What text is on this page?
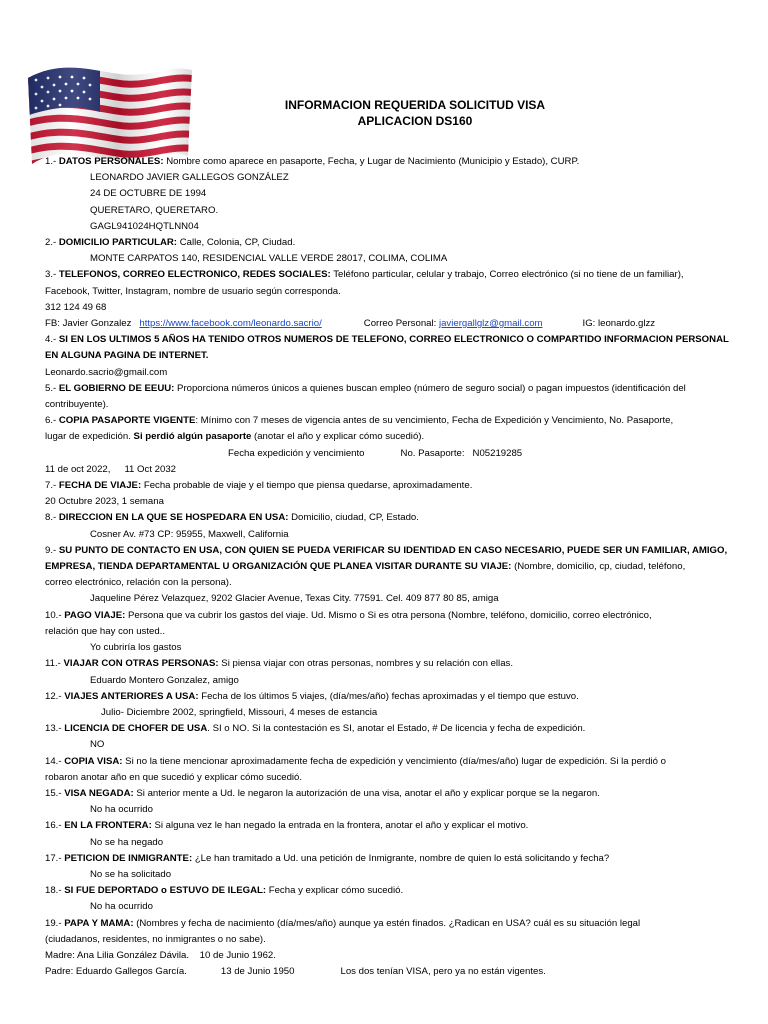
INFORMACION REQUERIDA SOLICITUD VISA
APLICACION DS160
1.- DATOS PERSONALES: Nombre como aparece en pasaporte, Fecha, y Lugar de Nacimiento (Municipio y Estado), CURP.
LEONARDO JAVIER GALLEGOS GONZÁLEZ
24 DE OCTUBRE DE 1994
QUERETARO, QUERETARO.
GAGL941024HQTLNN04
2.- DOMICILIO PARTICULAR: Calle, Colonia, CP, Ciudad.
MONTE CARPATOS 140, RESIDENCIAL VALLE VERDE 28017, COLIMA, COLIMA
3.- TELEFONOS, CORREO ELECTRONICO, REDES SOCIALES: Teléfono particular, celular y trabajo, Correo electrónico (si no tiene de un familiar),
Facebook, Twitter, Instagram, nombre de usuario según corresponda.
312 124 49 68
FB: Javier Gonzalez https://www.facebook.com/leonardo.sacrio/	Correo Personal: javiergallglz@gmail.com	IG: leonardo.glzz
4.- SI EN LOS ULTIMOS 5 AÑOS HA TENIDO OTROS NUMEROS DE TELEFONO, CORREO ELECTRONICO O COMPARTIDO INFORMACION PERSONAL
EN ALGUNA PAGINA DE INTERNET.
Leonardo.sacrio@gmail.com
5.- EL GOBIERNO DE EEUU: Proporciona números únicos a quienes buscan empleo (número de seguro social) o pagan impuestos (identificación del
contribuyente).
6.- COPIA PASAPORTE VIGENTE: Mínimo con 7 meses de vigencia antes de su vencimiento, Fecha de Expedición y Vencimiento, No. Pasaporte,
lugar de expedición. Si perdió algún pasaporte (anotar el año y explicar cómo sucedió).
Fecha expedición y vencimiento	No. Pasaporte: N05219285
11 de oct 2022, 11 Oct 2032
7.- FECHA DE VIAJE: Fecha probable de viaje y el tiempo que piensa quedarse, aproximadamente.
20 Octubre 2023, 1 semana
8.- DIRECCION EN LA QUE SE HOSPEDARA EN USA: Domicilio, ciudad, CP, Estado.
Cosner Av. #73 CP: 95955, Maxwell, California
9.- SU PUNTO DE CONTACTO EN USA, CON QUIEN SE PUEDA VERIFICAR SU IDENTIDAD EN CASO NECESARIO, PUEDE SER UN FAMILIAR, AMIGO,
EMPRESA, TIENDA DEPARTAMENTAL U ORGANIZACIÓN QUE PLANEA VISITAR DURANTE SU VIAJE: (Nombre, domicilio, cp, ciudad, teléfono,
correo electrónico, relación con la persona).
Jaqueline Pérez Velazquez, 9202 Glacier Avenue, Texas City. 77591. Cel. 409 877 80 85, amiga
10.- PAGO VIAJE: Persona que va cubrir los gastos del viaje. Ud. Mismo o Si es otra persona (Nombre, teléfono, domicilio, correo electrónico,
relación que hay con usted..
Yo cubriría los gastos
11.- VIAJAR CON OTRAS PERSONAS: Si piensa viajar con otras personas, nombres y su relación con ellas.
Eduardo Montero Gonzalez, amigo
12.- VIAJES ANTERIORES A USA: Fecha de los últimos 5 viajes, (día/mes/año) fechas aproximadas y el tiempo que estuvo.
Julio- Diciembre 2002, springfield, Missouri, 4 meses de estancia
13.- LICENCIA DE CHOFER DE USA. SI o NO. Si la contestación es SI, anotar el Estado, # De licencia y fecha de expedición.
NO
14.- COPIA VISA: Si no la tiene mencionar aproximadamente fecha de expedición y vencimiento (día/mes/año) lugar de expedición. Si la perdió o
robaron anotar año en que sucedió y explicar cómo sucedió.
15.- VISA NEGADA: Si anterior mente a Ud. le negaron la autorización de una visa, anotar el año y explicar porque se la negaron.
No ha ocurrido
16.- EN LA FRONTERA: Si alguna vez le han negado la entrada en la frontera, anotar el año y explicar el motivo.
No se ha negado
17.- PETICION DE INMIGRANTE: ¿Le han tramitado a Ud. una petición de Inmigrante, nombre de quien lo está solicitando y fecha?
No se ha solicitado
18.- SI FUE DEPORTADO o ESTUVO DE ILEGAL: Fecha y explicar cómo sucedió.
No ha ocurrido
19.- PAPA Y MAMA: (Nombres y fecha de nacimiento (día/mes/año) aunque ya estén finados. ¿Radican en USA? cuál es su situación legal
(ciudadanos, residentes, no inmigrantes o no sabe).
Madre: Ana Lilia González Dávila. 10 de Junio 1962.
Padre: Eduardo Gallegos García.	13 de Junio 1950	Los dos tenían VISA, pero ya no están vigentes.
